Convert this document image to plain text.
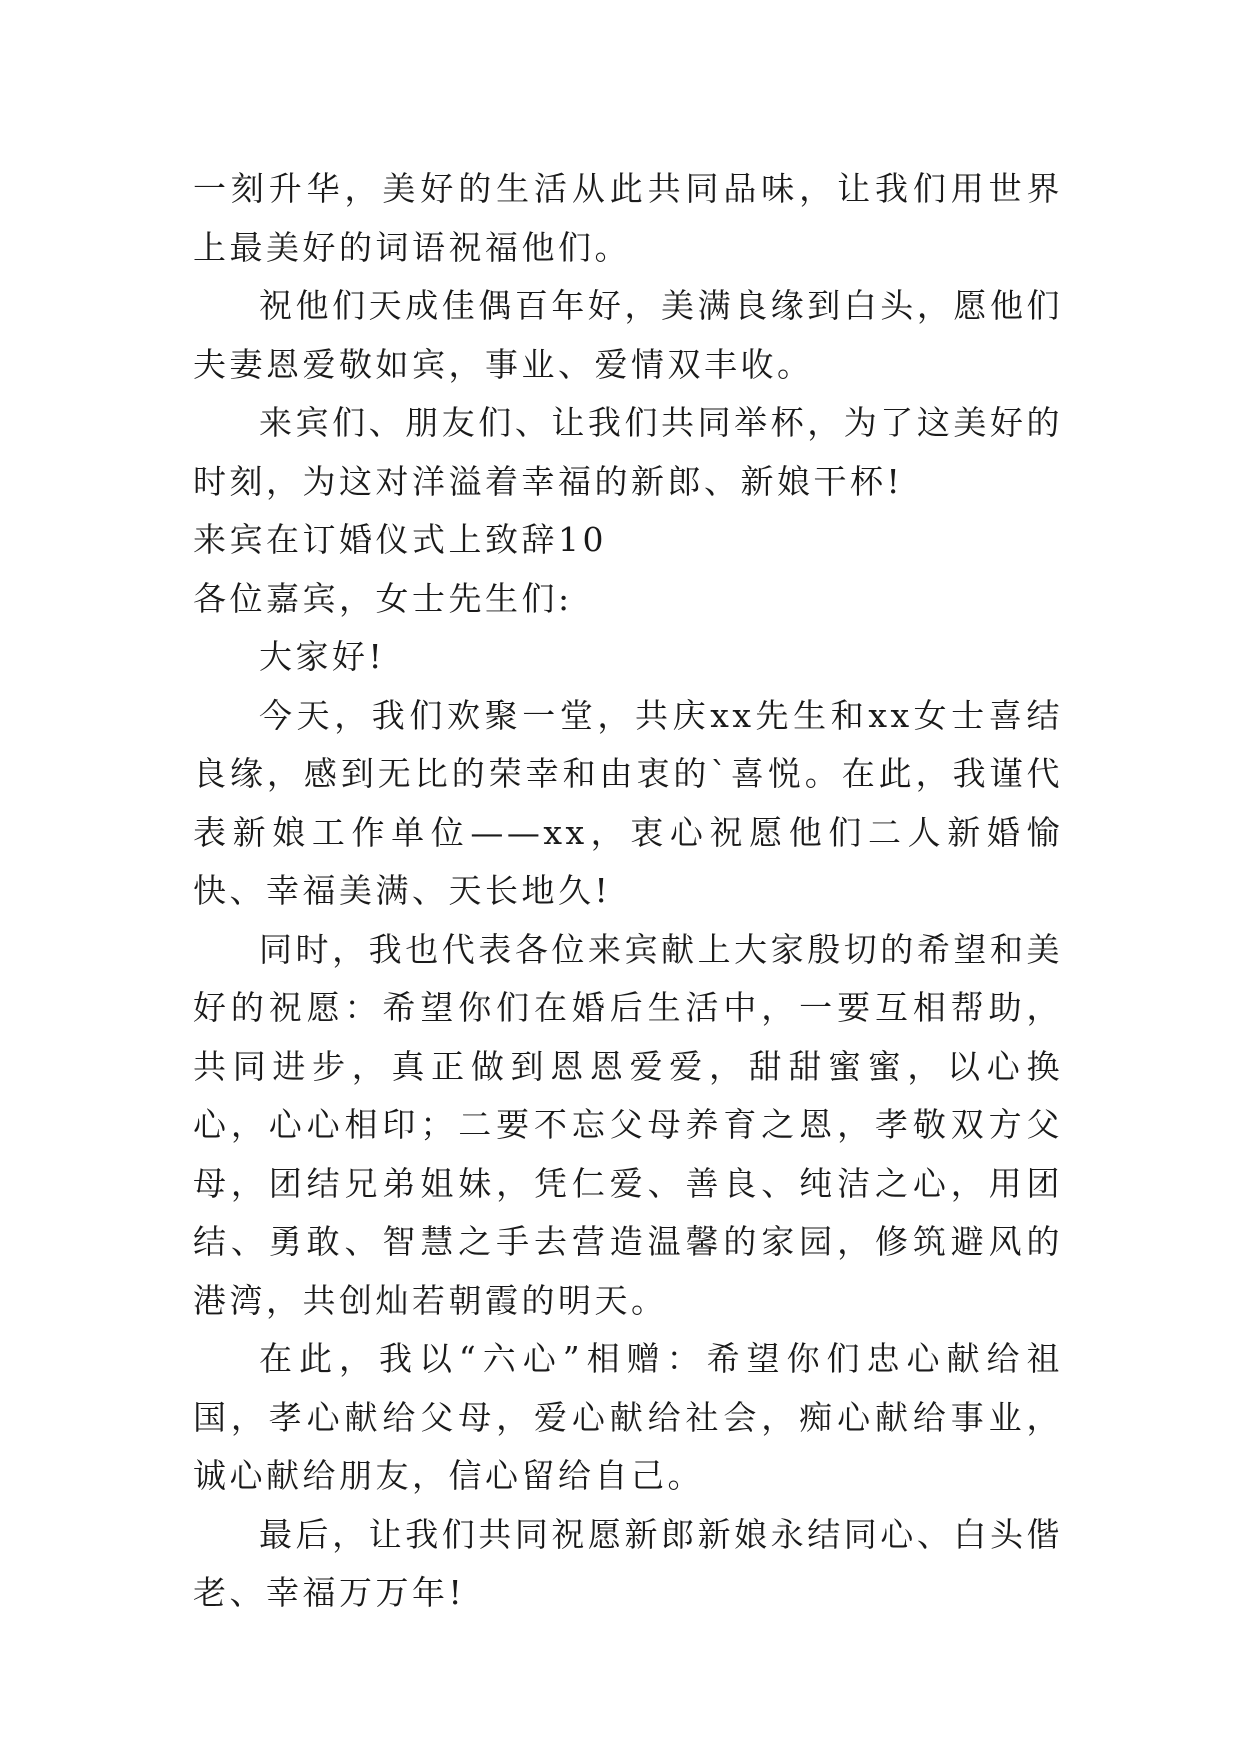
一刻升华，美好的生活从此共同品味，让我们用世界上最美好的词语祝福他们。

祝他们天成佳偶百年好，美满良缘到白头，愿他们夫妻恩爱敬如宾，事业、爱情双丰收。

来宾们、朋友们、让我们共同举杯，为了这美好的时刻，为这对洋溢着幸福的新郎、新娘干杯!

来宾在订婚仪式上致辞10

各位嘉宾，女士先生们:

大家好!

今天，我们欢聚一堂，共庆xx先生和xx女士喜结良缘，感到无比的荣幸和由衷的`喜悦。在此，我谨代表新娘工作单位——xx，衷心祝愿他们二人新婚愉快、幸福美满、天长地久!

同时，我也代表各位来宾献上大家殷切的希望和美好的祝愿：希望你们在婚后生活中，一要互相帮助，共同进步，真正做到恩恩爱爱，甜甜蜜蜜，以心换心，心心相印；二要不忘父母养育之恩，孝敬双方父母，团结兄弟姐妹，凭仁爱、善良、纯洁之心，用团结、勇敢、智慧之手去营造温馨的家园，修筑避风的港湾，共创灿若朝霞的明天。

在此，我以“六心”相赠：希望你们忠心献给祖国，孝心献给父母，爱心献给社会，痴心献给事业，诚心献给朋友，信心留给自己。

最后，让我们共同祝愿新郎新娘永结同心、白头偕老、幸福万万年!
